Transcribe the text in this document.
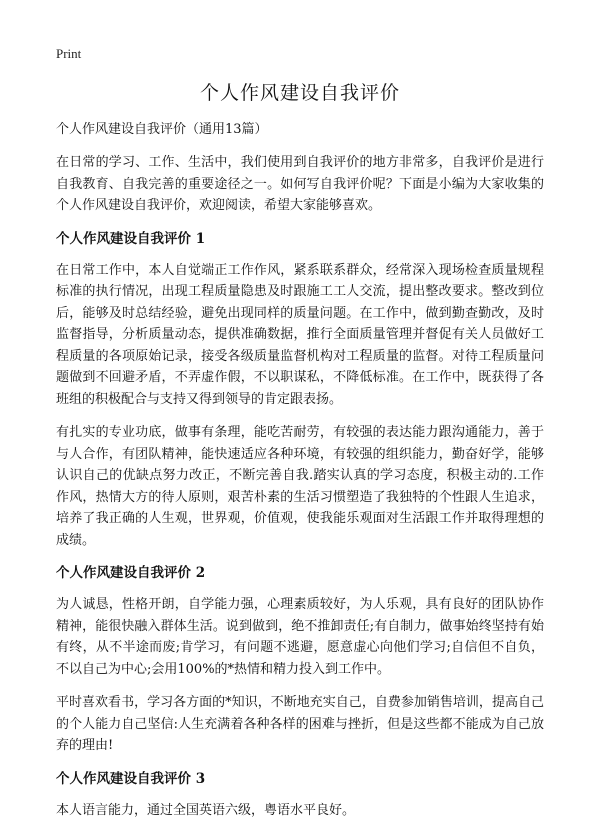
Print
个人作风建设自我评价
个人作风建设自我评价（通用13篇）

在日常的学习、工作、生活中，我们使用到自我评价的地方非常多，自我评价是进行自我教育、自我完善的重要途径之一。如何写自我评价呢？下面是小编为大家收集的个人作风建设自我评价，欢迎阅读，希望大家能够喜欢。

个人作风建设自我评价 1

在日常工作中，本人自觉端正工作作风，紧系联系群众，经常深入现场检查质量规程标准的执行情况，出现工程质量隐患及时跟施工工人交流，提出整改要求。整改到位后，能够及时总结经验，避免出现同样的质量问题。在工作中，做到勤查勤改，及时监督指导，分析质量动态，提供准确数据，推行全面质量管理并督促有关人员做好工程质量的各项原始记录，接受各级质量监督机构对工程质量的监督。对待工程质量问题做到不回避矛盾，不弄虚作假，不以职谋私，不降低标准。在工作中，既获得了各班组的积极配合与支持又得到领导的肯定跟表扬。

有扎实的专业功底，做事有条理，能吃苦耐劳，有较强的表达能力跟沟通能力，善于与人合作，有团队精神，能快速适应各种环境，有较强的组织能力，勤奋好学，能够认识自己的优缺点努力改正，不断完善自我.踏实认真的学习态度，积极主动的.工作作风，热情大方的待人原则，艰苦朴素的生活习惯塑造了我独特的个性跟人生追求，培养了我正确的人生观，世界观，价值观，使我能乐观面对生活跟工作并取得理想的成绩。

个人作风建设自我评价 2

为人诚恳，性格开朗，自学能力强，心理素质较好，为人乐观，具有良好的团队协作精神，能很快融入群体生活。说到做到，绝不推卸责任;有自制力，做事始终坚持有始有终，从不半途而废;肯学习，有问题不逃避，愿意虚心向他们学习;自信但不自负，不以自己为中心;会用100%的*热情和精力投入到工作中。

平时喜欢看书，学习各方面的*知识，不断地充实自己，自费参加销售培训，提高自己的个人能力自己坚信:人生充满着各种各样的困难与挫折，但是这些都不能成为自己放弃的理由!

个人作风建设自我评价 3

本人语言能力，通过全国英语六级，粤语水平良好。
